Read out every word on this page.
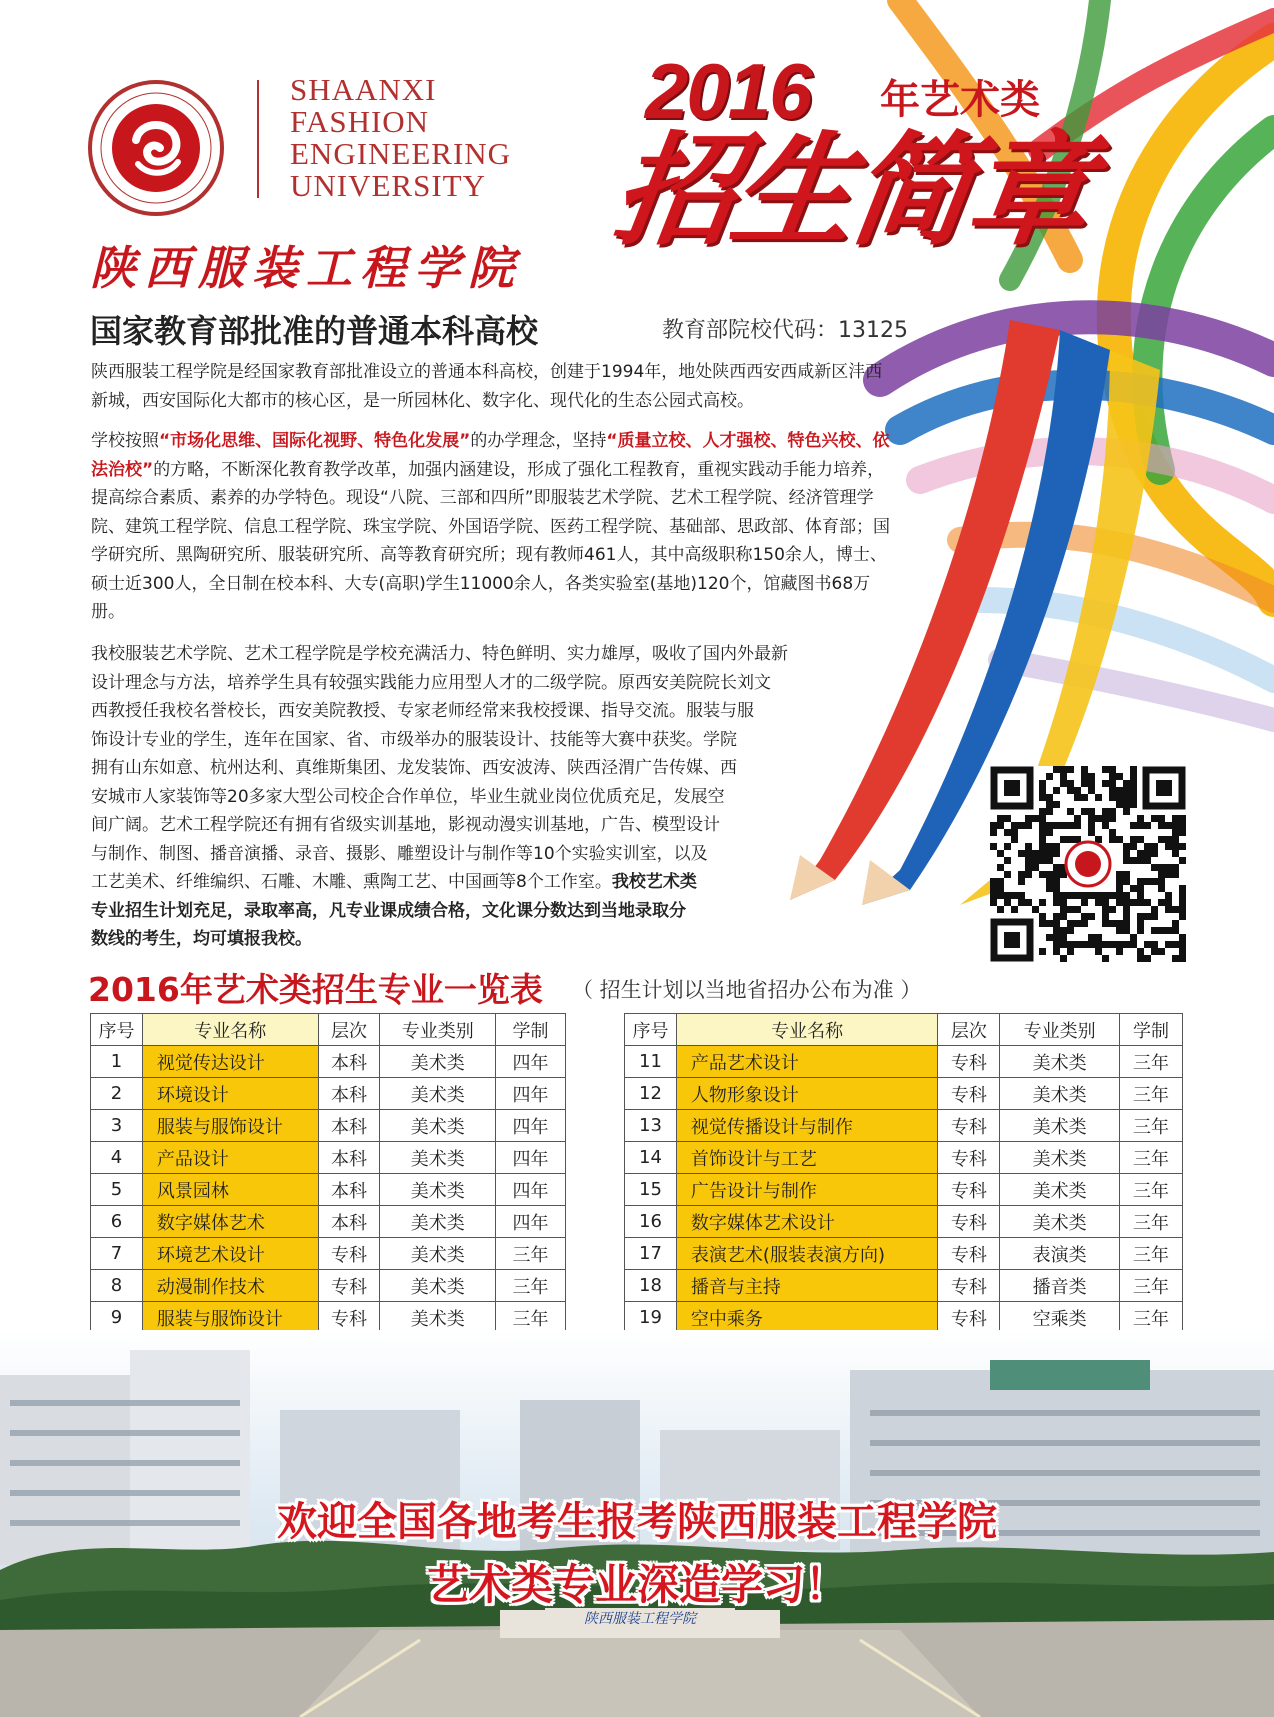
SHAANXI
FASHION
ENGINEERING
UNIVERSITY
陕西服装工程学院
2016 年艺术类
招生简章
国家教育部批准的普通本科高校	教育部院校代码：13125
陕西服装工程学院是经国家教育部批准设立的普通本科高校，创建于1994年，地处陕西西安西咸新区沣西新城，西安国际化大都市的核心区，是一所园林化、数字化、现代化的生态公园式高校。
学校按照“市场化思维、国际化视野、特色化发展”的办学理念，坚持“质量立校、人才强校、特色兴校、依法治校”的方略，不断深化教育教学改革，加强内涵建设，形成了强化工程教育，重视实践动手能力培养，提高综合素质、素养的办学特色。现设“八院、三部和四所”即服装艺术学院、艺术工程学院、经济管理学院、建筑工程学院、信息工程学院、珠宝学院、外国语学院、医药工程学院、基础部、思政部、体育部；国学研究所、黑陶研究所、服装研究所、高等教育研究所；现有教师461人，其中高级职称150余人，博士、硕士近300人，全日制在校本科、大专(高职)学生11000余人，各类实验室(基地)120个，馆藏图书68万册。
我校服装艺术学院、艺术工程学院是学校充满活力、特色鲜明、实力雄厚，吸收了国内外最新
设计理念与方法，培养学生具有较强实践能力应用型人才的二级学院。原西安美院院长刘文
西教授任我校名誉校长，西安美院教授、专家老师经常来我校授课、指导交流。服装与服
饰设计专业的学生，连年在国家、省、市级举办的服装设计、技能等大赛中获奖。学院
拥有山东如意、杭州达利、真维斯集团、龙发装饰、西安波涛、陕西泾渭广告传媒、西
安城市人家装饰等20多家大型公司校企合作单位，毕业生就业岗位优质充足，发展空
间广阔。艺术工程学院还有拥有省级实训基地，影视动漫实训基地，广告、模型设计
与制作、制图、播音演播、录音、摄影、雕塑设计与制作等10个实验实训室，以及
工艺美术、纤维编织、石雕、木雕、熏陶工艺、中国画等8个工作室。我校艺术类
专业招生计划充足，录取率高，凡专业课成绩合格，文化课分数达到当地录取分
数线的考生，均可填报我校。
2016年艺术类招生专业一览表 （ 招生计划以当地省招办公布为准 ）
序号	专业名称	层次	专业类别	学制
1	视觉传达设计	本科	美术类	四年
2	环境设计	本科	美术类	四年
3	服装与服饰设计	本科	美术类	四年
4	产品设计	本科	美术类	四年
5	风景园林	本科	美术类	四年
6	数字媒体艺术	本科	美术类	四年
7	环境艺术设计	专科	美术类	三年
8	动漫制作技术	专科	美术类	三年
9	服装与服饰设计	专科	美术类	三年

序号	专业名称	层次	专业类别	学制
11	产品艺术设计	专科	美术类	三年
12	人物形象设计	专科	美术类	三年
13	视觉传播设计与制作	专科	美术类	三年
14	首饰设计与工艺	专科	美术类	三年
15	广告设计与制作	专科	美术类	三年
16	数字媒体艺术设计	专科	美术类	三年
17	表演艺术(服装表演方向)	专科	表演类	三年
18	播音与主持	专科	播音类	三年
19	空中乘务	专科	空乘类	三年

陕西服装工程学院
欢迎全国各地考生报考陕西服装工程学院
艺术类专业深造学习！
